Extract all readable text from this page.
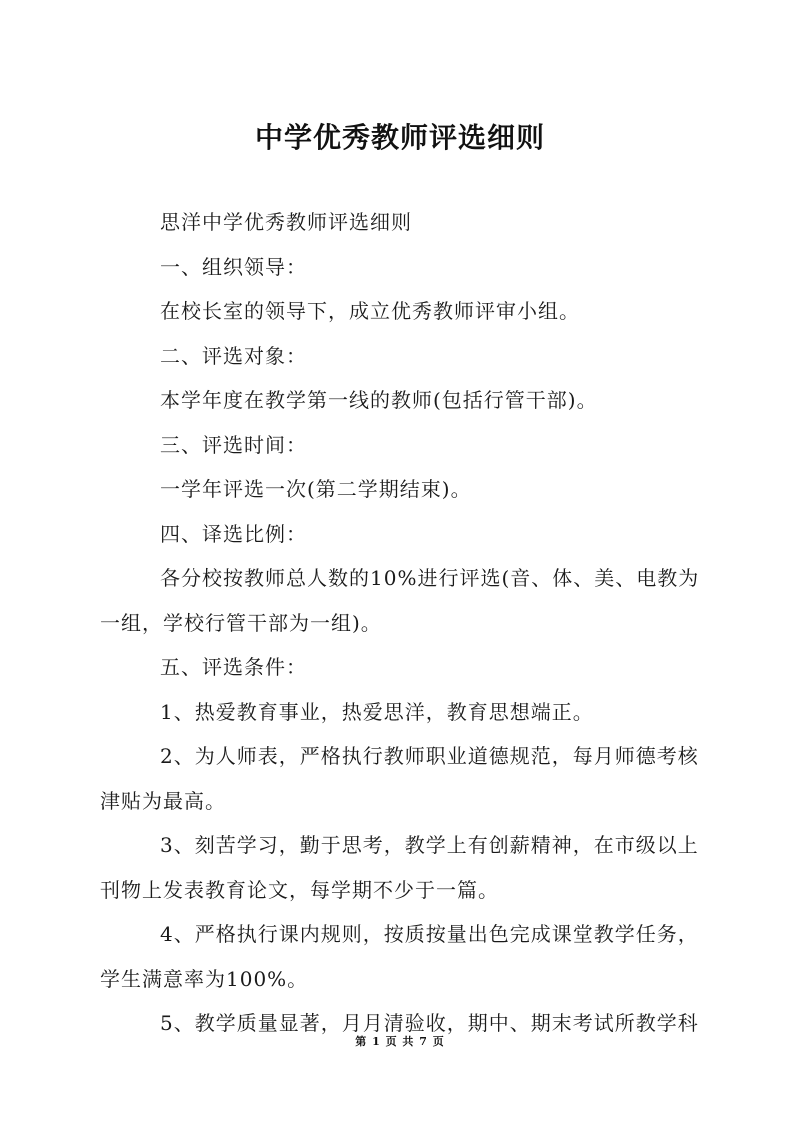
中学优秀教师评选细则

思洋中学优秀教师评选细则

一、组织领导：

在校长室的领导下，成立优秀教师评审小组。

二、评选对象：

本学年度在教学第一线的教师(包括行管干部)。

三、评选时间：

一学年评选一次(第二学期结束)。

四、译选比例：

各分校按教师总人数的10%进行评选(音、体、美、电教为一组，学校行管干部为一组)。

五、评选条件：

1、热爱教育事业，热爱思洋，教育思想端正。

2、为人师表，严格执行教师职业道德规范，每月师德考核津贴为最高。

3、刻苦学习，勤于思考，教学上有创薪精神，在市级以上刊物上发表教育论文，每学期不少于一篇。

4、严格执行课内规则，按质按量出色完成课堂教学任务，学生满意率为100%。

5、教学质量显著，月月清验收，期中、期末考试所教学科

第 1 页 共 7 页
